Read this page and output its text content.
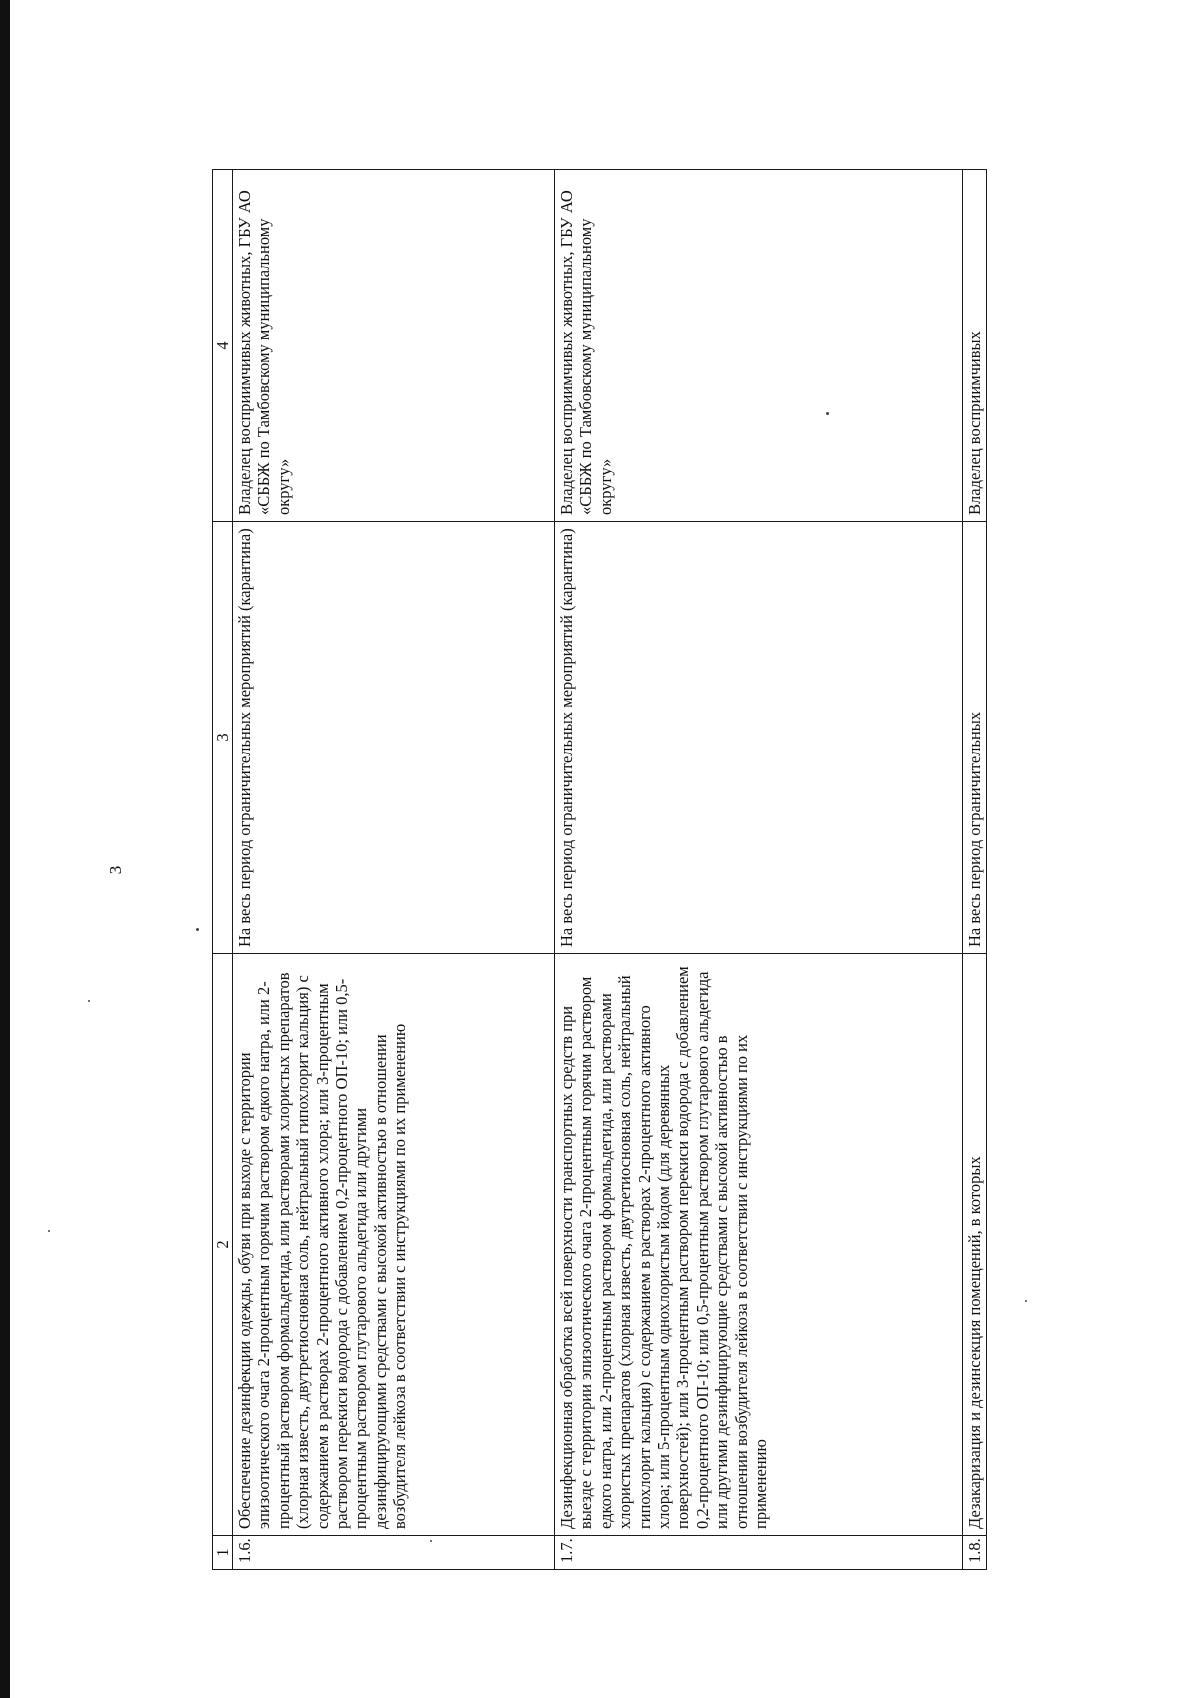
3
1	2	3	4
1.6.	Обеспечение дезинфекции одежды, обуви при выходе с территории эпизоотического очага 2-процентным горячим раствором едкого натра, или 2-процентный раствором формальдегида, или растворами хлористых препаратов (хлорная известь, двутретиосновная соль, нейтральный гипохлорит кальция) с содержанием в растворах 2-процентного активного хлора; или 3-процентным раствором перекиси водорода с добавлением 0,2-процентного ОП-10; или 0,5-процентным раствором глутарового альдегида или другими дезинфицирующими средствами с высокой активностью в отношении возбудителя лейкоза в соответствии с инструкциями по их применению	На весь период ограничительных мероприятий (карантина)	Владелец восприимчивых животных, ГБУ АО «СББЖ по Тамбовскому муниципальному округу»

1.7.	Дезинфекционная обработка всей поверхности транспортных средств при выезде с территории эпизоотического очага 2-процентным горячим раствором едкого натра, или 2-процентным раствором формальдегида, или растворами хлористых препаратов (хлорная известь, двутретиосновная соль, нейтральный гипохлорит кальция) с содержанием в растворах 2-процентного активного хлора; или 5-процентным однохлористым йодом (для деревянных поверхностей); или 3-процентным раствором перекиси водорода с добавлением 0,2-процентного ОП-10; или 0,5-процентным раствором глутарового альдегида или другими дезинфицирующие средствами с высокой активностью в отношении возбудителя лейкоза в соответствии с инструкциями по их применению	На весь период ограничительных мероприятий (карантина)	Владелец восприимчивых животных, ГБУ АО «СББЖ по Тамбовскому муниципальному округу»

1.8.	Дезакаризация и дезинсекция помещений, в которых	На весь период ограничительных	Владелец восприимчивых
